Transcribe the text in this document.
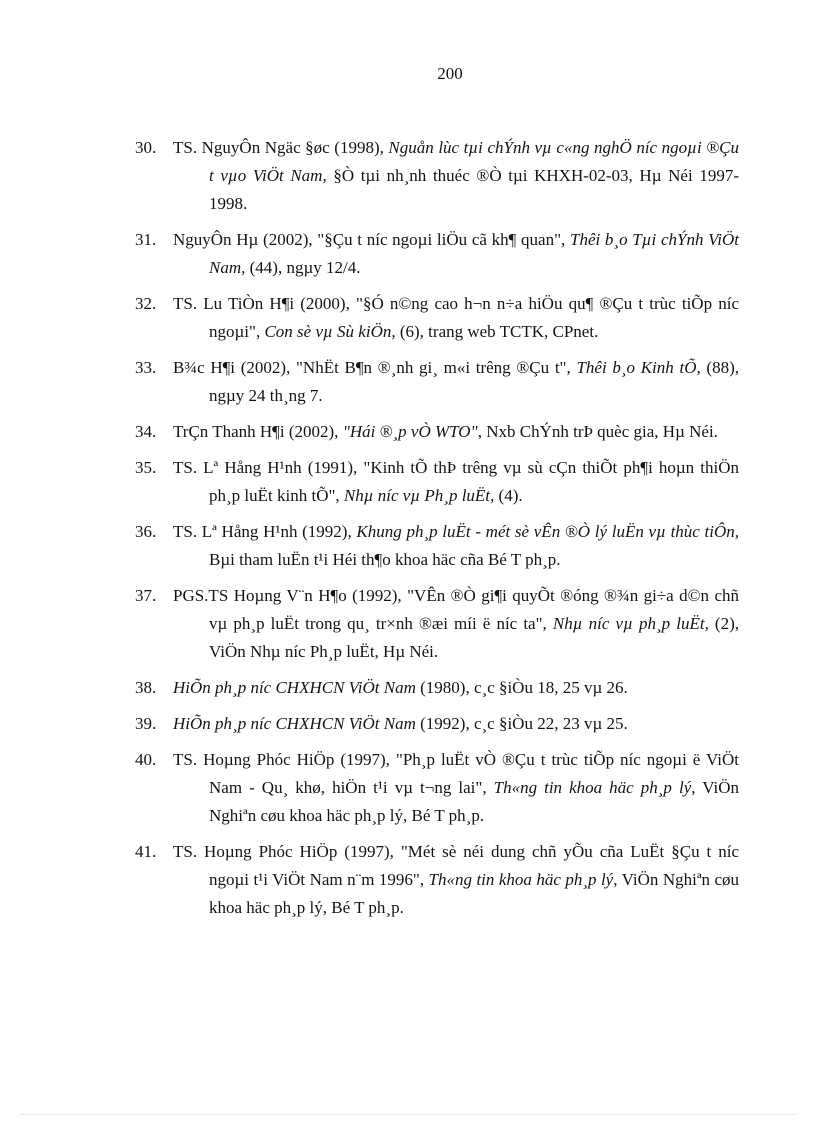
200
30. TS. NguyÔn Ngäc §øc (1998), Nguån lùc tµi chÝnh vµ c«ng nghÖ níc ngoµi ®Çu t vµo ViÖt Nam, §Ò tµi nh¸nh thuéc ®Ò tµi KHXH-02-03, Hµ Néi 1997-1998.
31. NguyÔn Hµ (2002), "§Çu t níc ngoµi liÖu cã kh¶ quan", Thêi b¸o Tµi chÝnh ViÖt Nam, (44), ngµy 12/4.
32. TS. Lu TiÒn H¶i (2000), "§Ó n©ng cao h¬n n÷a hiÖu qu¶ ®Çu t trùc tiÕp níc ngoµi", Con sè vµ Sù kiÖn, (6), trang web TCTK, CPnet.
33. B¾c H¶i (2002), "NhËt B¶n ®¸nh gi¸ m«i trêng ®Çu t", Thêi b¸o Kinh tÕ, (88), ngµy 24 th¸ng 7.
34. TrÇn Thanh H¶i (2002), "Hái ®¸p vÒ WTO", Nxb ChÝnh trÞ quèc gia, Hµ Néi.
35. TS. Lª Hång H¹nh (1991), "Kinh tÕ thÞ trêng vµ sù cÇn thiÕt ph¶i hoµn thiÖn ph¸p luËt kinh tÕ", Nhµ níc vµ Ph¸p luËt, (4).
36. TS. Lª Hång H¹nh (1992), Khung ph¸p luËt - mét sè vÊn ®Ò lý luËn vµ thùc tiÔn, Bµi tham luËn t¹i Héi th¶o khoa häc cña Bé T ph¸p.
37. PGS.TS Hoµng V¨n H¶o (1992), "VÊn ®Ò gi¶i quyÕt ®óng ®¾n gi÷a d©n chñ vµ ph¸p luËt trong qu¸ tr×nh ®æi míi ë níc ta", Nhµ níc vµ ph¸p luËt, (2), ViÖn Nhµ níc Ph¸p luËt, Hµ Néi.
38. HiÕn ph¸p níc CHXHCN ViÖt Nam (1980), c¸c §iÒu 18, 25 vµ 26.
39. HiÕn ph¸p níc CHXHCN ViÖt Nam (1992), c¸c §iÒu 22, 23 vµ 25.
40. TS. Hoµng Phóc HiÖp (1997), "Ph¸p luËt vÒ ®Çu t trùc tiÕp níc ngoµi ë ViÖt Nam - Qu¸ khø, hiÖn t¹i vµ t¬ng lai", Th«ng tin khoa häc ph¸p lý, ViÖn Nghiªn cøu khoa häc ph¸p lý, Bé T ph¸p.
41. TS. Hoµng Phóc HiÖp (1997), "Mét sè néi dung chñ yÕu cña LuËt §Çu t níc ngoµi t¹i ViÖt Nam n¨m 1996", Th«ng tin khoa häc ph¸p lý, ViÖn Nghiªn cøu khoa häc ph¸p lý, Bé T ph¸p.
